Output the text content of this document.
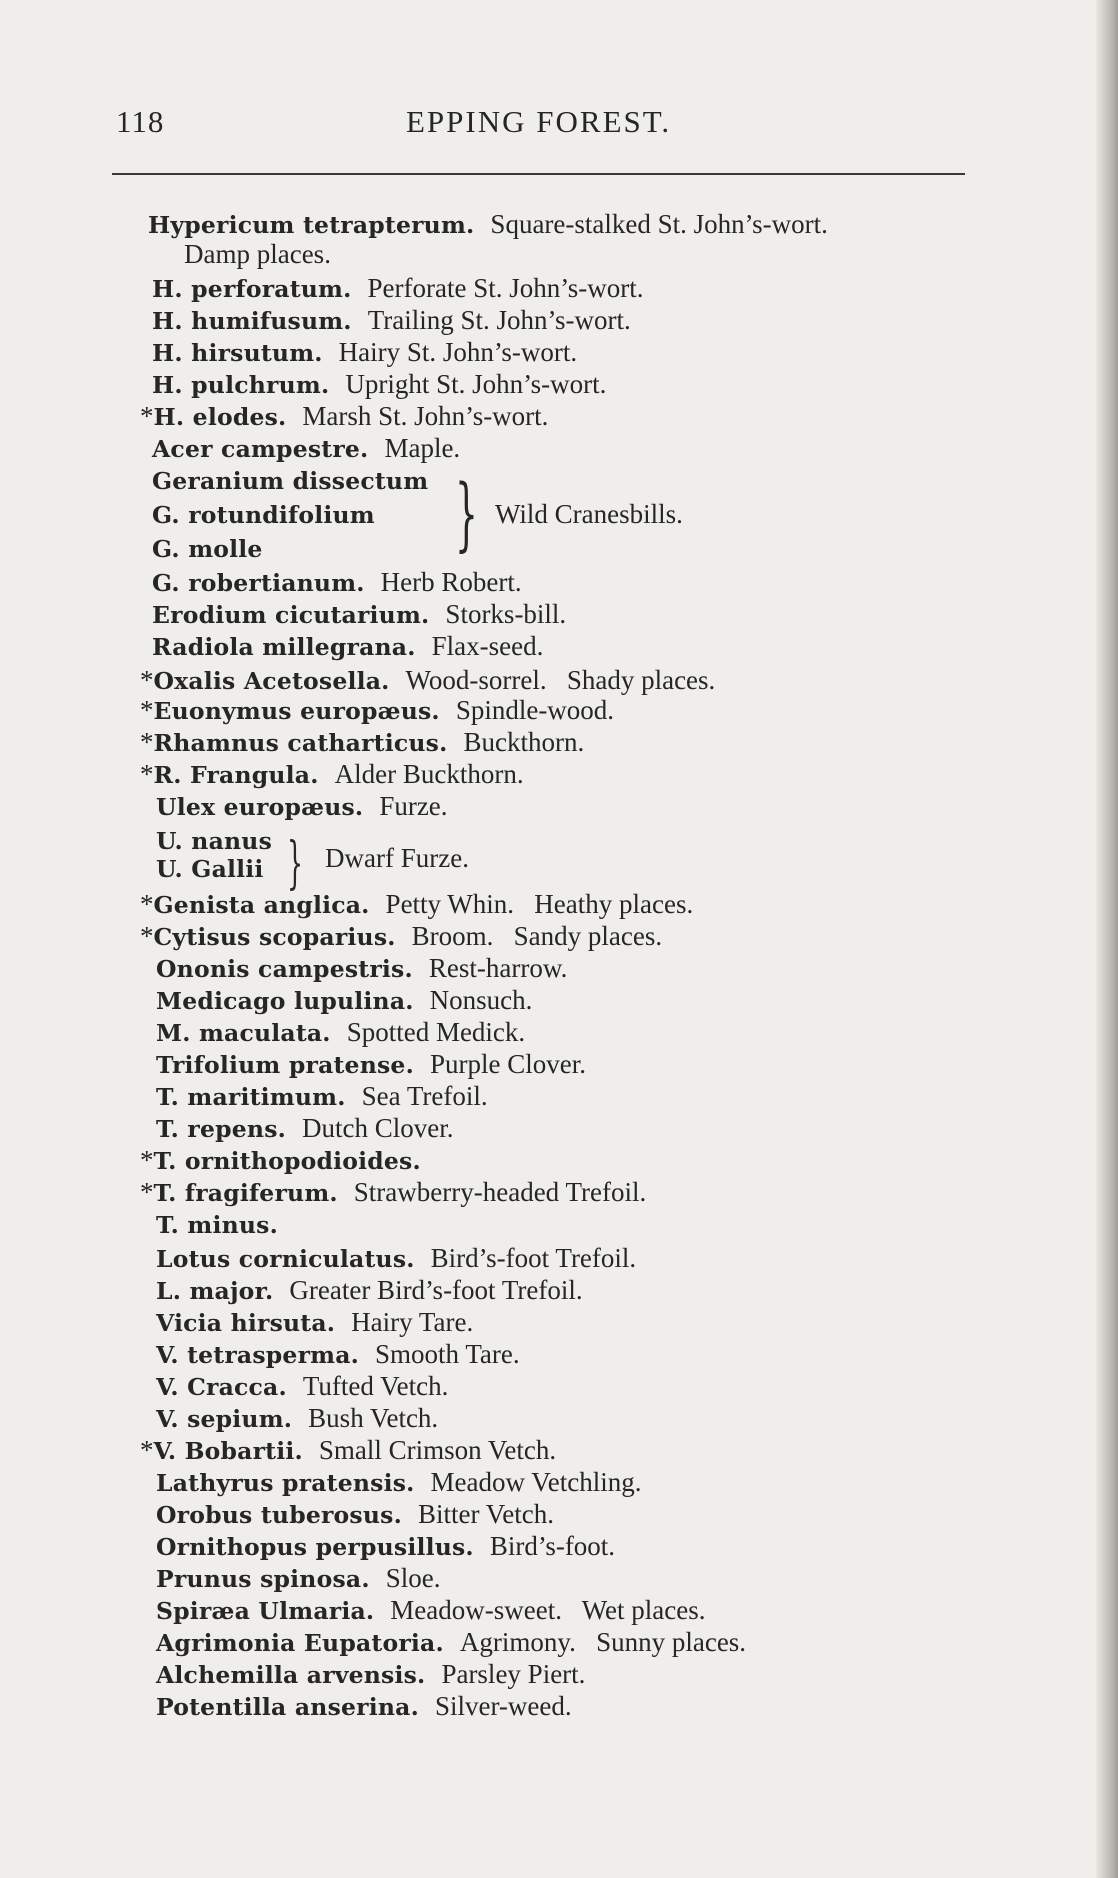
118	EPPING FOREST.
Hypericum tetrapterum. Square-stalked St. John’s-wort.
Damp places.
H. perforatum. Perforate St. John’s-wort.
H. humifusum. Trailing St. John’s-wort.
H. hirsutum. Hairy St. John’s-wort.
H. pulchrum. Upright St. John’s-wort.
*H. elodes. Marsh St. John’s-wort.
Acer campestre. Maple.
Geranium dissectum
G. rotundifolium
G. molle
G. robertianum. Herb Robert.
Erodium cicutarium. Storks-bill.
Radiola millegrana. Flax-seed.
*Oxalis Acetosella. Wood-sorrel.   Shady places.
*Euonymus europæus. Spindle-wood.
*Rhamnus catharticus. Buckthorn.
*R. Frangula. Alder Buckthorn.
Ulex europæus. Furze.
U. nanus
U. Gallii
*Genista anglica. Petty Whin.   Heathy places.
*Cytisus scoparius. Broom.   Sandy places.
Ononis campestris. Rest-harrow.
Medicago lupulina. Nonsuch.
M. maculata. Spotted Medick.
Trifolium pratense. Purple Clover.
T. maritimum. Sea Trefoil.
T. repens. Dutch Clover.
*T. ornithopodioides.
*T. fragiferum. Strawberry-headed Trefoil.
T. minus.
Lotus corniculatus. Bird’s-foot Trefoil.
L. major. Greater Bird’s-foot Trefoil.
Vicia hirsuta. Hairy Tare.
V. tetrasperma. Smooth Tare.
V. Cracca. Tufted Vetch.
V. sepium. Bush Vetch.
*V. Bobartii. Small Crimson Vetch.
Lathyrus pratensis. Meadow Vetchling.
Orobus tuberosus. Bitter Vetch.
Ornithopus perpusillus. Bird’s-foot.
Prunus spinosa. Sloe.
Spiræa Ulmaria. Meadow-sweet.   Wet places.
Agrimonia Eupatoria. Agrimony.   Sunny places.
Alchemilla arvensis. Parsley Piert.
Potentilla anserina. Silver-weed.
} Wild Cranesbills.
} Dwarf Furze.
